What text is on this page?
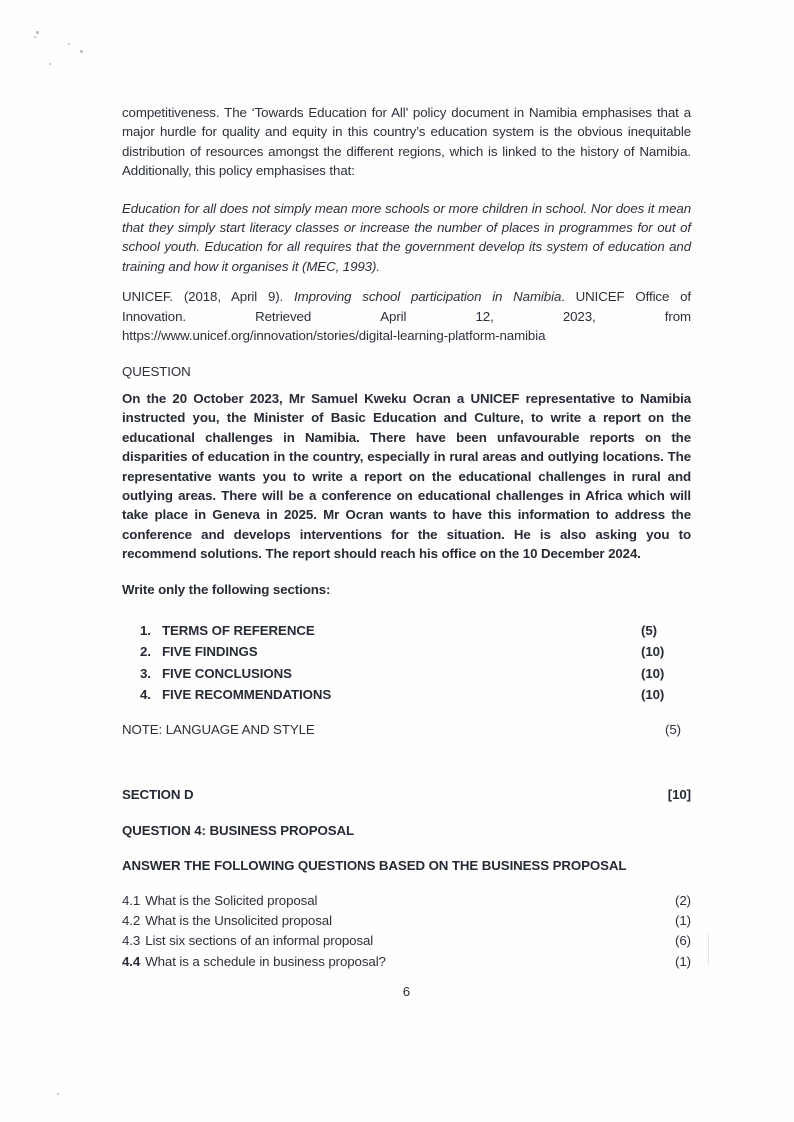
competitiveness. The ‘Towards Education for All’ policy document in Namibia emphasises that a major hurdle for quality and equity in this country’s education system is the obvious inequitable distribution of resources amongst the different regions, which is linked to the history of Namibia. Additionally, this policy emphasises that:

Education for all does not simply mean more schools or more children in school. Nor does it mean that they simply start literacy classes or increase the number of places in programmes for out of school youth. Education for all requires that the government develop its system of education and training and how it organises it (MEC, 1993).

UNICEF. (2018, April 9). Improving school participation in Namibia. UNICEF Office of

Innovation.	Retrieved	April	12,	2023,	from

https://www.unicef.org/innovation/stories/digital-learning-platform-namibia

QUESTION

On the 20 October 2023, Mr Samuel Kweku Ocran a UNICEF representative to Namibia instructed you, the Minister of Basic Education and Culture, to write a report on the educational challenges in Namibia. There have been unfavourable reports on the disparities of education in the country, especially in rural areas and outlying locations. The representative wants you to write a report on the educational challenges in rural and outlying areas. There will be a conference on educational challenges in Africa which will take place in Geneva in 2025. Mr Ocran wants to have this information to address the conference and develops interventions for the situation. He is also asking you to recommend solutions. The report should reach his office on the 10 December 2024.

Write only the following sections:

1. TERMS OF REFERENCE	(5)
2. FIVE FINDINGS	(10)
3. FIVE CONCLUSIONS	(10)
4. FIVE RECOMMENDATIONS	(10)
NOTE: LANGUAGE AND STYLE	(5)
SECTION D	[10]

QUESTION 4: BUSINESS PROPOSAL

ANSWER THE FOLLOWING QUESTIONS BASED ON THE BUSINESS PROPOSAL

4.1 What is the Solicited proposal	(2)
4.2 What is the Unsolicited proposal	(1)
4.3 List six sections of an informal proposal	(6)
4.4 What is a schedule in business proposal?	(1)
6
